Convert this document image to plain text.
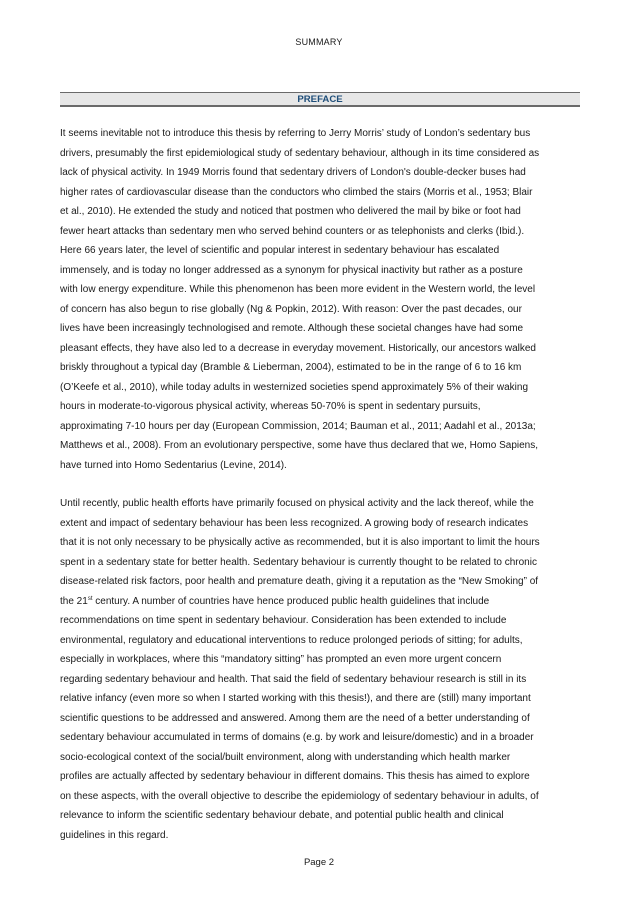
SUMMARY
PREFACE

It seems inevitable not to introduce this thesis by referring to Jerry Morris’ study of London’s sedentary bus
drivers, presumably the first epidemiological study of sedentary behaviour, although in its time considered as
lack of physical activity. In 1949 Morris found that sedentary drivers of London's double-decker buses had
higher rates of cardiovascular disease than the conductors who climbed the stairs (Morris et al., 1953; Blair
et al., 2010). He extended the study and noticed that postmen who delivered the mail by bike or foot had
fewer heart attacks than sedentary men who served behind counters or as telephonists and clerks (Ibid.).
Here 66 years later, the level of scientific and popular interest in sedentary behaviour has escalated
immensely, and is today no longer addressed as a synonym for physical inactivity but rather as a posture
with low energy expenditure. While this phenomenon has been more evident in the Western world, the level
of concern has also begun to rise globally (Ng & Popkin, 2012). With reason: Over the past decades, our
lives have been increasingly technologised and remote. Although these societal changes have had some
pleasant effects, they have also led to a decrease in everyday movement. Historically, our ancestors walked
briskly throughout a typical day (Bramble & Lieberman, 2004), estimated to be in the range of 6 to 16 km
(O’Keefe et al., 2010), while today adults in westernized societies spend approximately 5% of their waking
hours in moderate-to-vigorous physical activity, whereas 50-70% is spent in sedentary pursuits,
approximating 7-10 hours per day (European Commission, 2014; Bauman et al., 2011; Aadahl et al., 2013a;
Matthews et al., 2008). From an evolutionary perspective, some have thus declared that we, Homo Sapiens,
have turned into Homo Sedentarius (Levine, 2014).

Until recently, public health efforts have primarily focused on physical activity and the lack thereof, while the
extent and impact of sedentary behaviour has been less recognized. A growing body of research indicates
that it is not only necessary to be physically active as recommended, but it is also important to limit the hours
spent in a sedentary state for better health. Sedentary behaviour is currently thought to be related to chronic
disease-related risk factors, poor health and premature death, giving it a reputation as the “New Smoking” of
the 21st century. A number of countries have hence produced public health guidelines that include
recommendations on time spent in sedentary behaviour. Consideration has been extended to include
environmental, regulatory and educational interventions to reduce prolonged periods of sitting; for adults,
especially in workplaces, where this “mandatory sitting” has prompted an even more urgent concern
regarding sedentary behaviour and health. That said the field of sedentary behaviour research is still in its
relative infancy (even more so when I started working with this thesis!), and there are (still) many important
scientific questions to be addressed and answered. Among them are the need of a better understanding of
sedentary behaviour accumulated in terms of domains (e.g. by work and leisure/domestic) and in a broader
socio-ecological context of the social/built environment, along with understanding which health marker
profiles are actually affected by sedentary behaviour in different domains. This thesis has aimed to explore
on these aspects, with the overall objective to describe the epidemiology of sedentary behaviour in adults, of
relevance to inform the scientific sedentary behaviour debate, and potential public health and clinical
guidelines in this regard.

Page 2
